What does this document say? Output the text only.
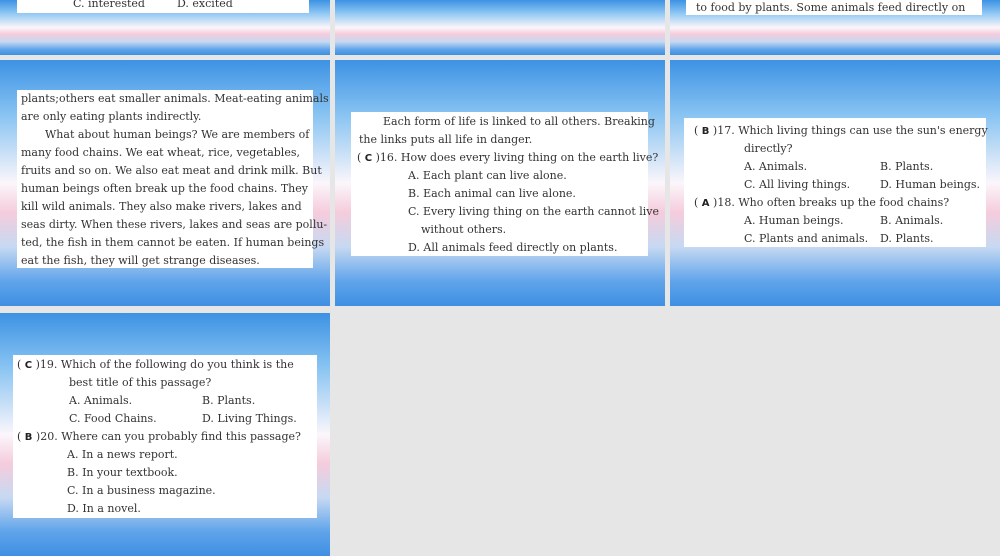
C. interested	D. excited	to food by plants. Some animals feed directly on
plants;others eat smaller animals. Meat-eating animals
are only eating plants indirectly.
What about human beings? We are members of
many food chains. We eat wheat, rice, vegetables,
fruits and so on. We also eat meat and drink milk. But
human beings often break up the food chains. They
kill wild animals. They also make rivers, lakes and
seas dirty. When these rivers, lakes and seas are pollu-
ted, the fish in them cannot be eaten. If human beings
eat the fish, they will get strange diseases.
Each form of life is linked to all others. Breaking
the links puts all life in danger.
( C )16. How does every living thing on the earth live?
A. Each plant can live alone.
B. Each animal can live alone.
C. Every living thing on the earth cannot live
without others.
D. All animals feed directly on plants.
( B )17. Which living things can use the sun's energy
directly?
A. Animals.	B. Plants.
C. All living things.	D. Human beings.
( A )18. Who often breaks up the food chains?
A. Human beings.	B. Animals.
C. Plants and animals. D. Plants.
( C )19. Which of the following do you think is the
best title of this passage?
A. Animals.	B. Plants.
C. Food Chains.	D. Living Things.
( B )20. Where can you probably find this passage?
A. In a news report.
B. In your textbook.
C. In a business magazine.
D. In a novel.
